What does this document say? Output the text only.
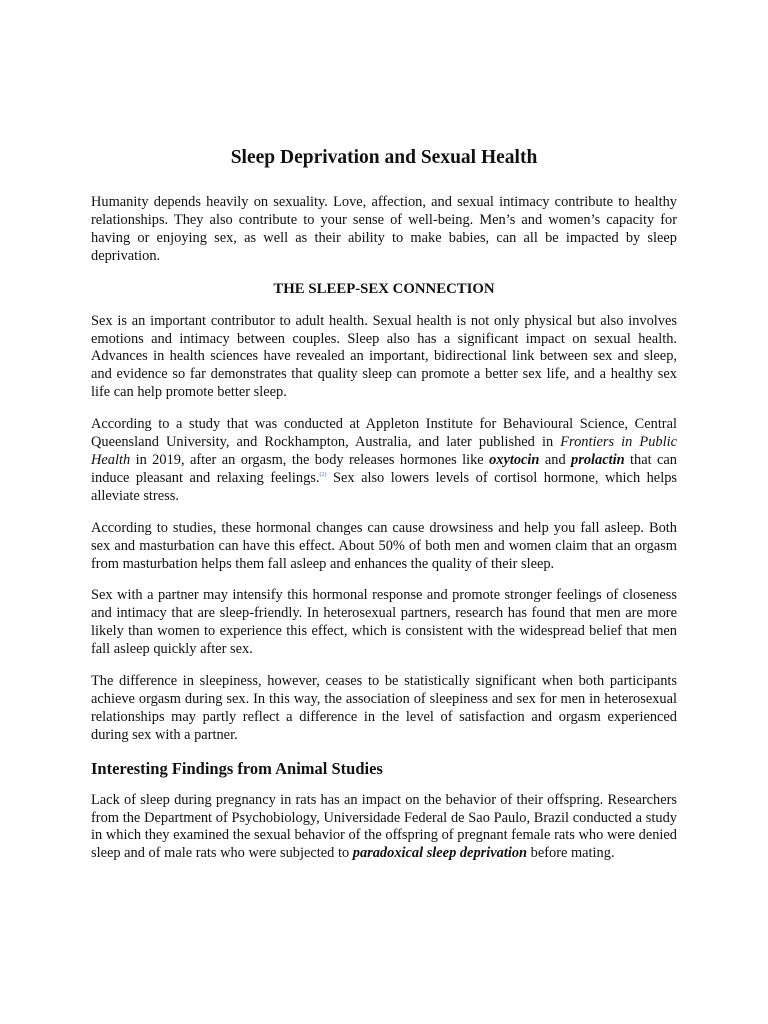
Sleep Deprivation and Sexual Health

Humanity depends heavily on sexuality. Love, affection, and sexual intimacy contribute to healthy relationships. They also contribute to your sense of well-being. Men’s and women’s capacity for having or enjoying sex, as well as their ability to make babies, can all be impacted by sleep deprivation.

THE SLEEP-SEX CONNECTION

Sex is an important contributor to adult health. Sexual health is not only physical but also involves emotions and intimacy between couples. Sleep also has a significant impact on sexual health. Advances in health sciences have revealed an important, bidirectional link between sex and sleep, and evidence so far demonstrates that quality sleep can promote a better sex life, and a healthy sex life can help promote better sleep.

According to a study that was conducted at Appleton Institute for Behavioural Science, Central Queensland University, and Rockhampton, Australia, and later published in Frontiers in Public Health in 2019, after an orgasm, the body releases hormones like oxytocin and prolactin that can induce pleasant and relaxing feelings.$^{(2)}$ Sex also lowers levels of cortisol hormone, which helps alleviate stress.

According to studies, these hormonal changes can cause drowsiness and help you fall asleep. Both sex and masturbation can have this effect. About 50% of both men and women claim that an orgasm from masturbation helps them fall asleep and enhances the quality of their sleep.

Sex with a partner may intensify this hormonal response and promote stronger feelings of closeness and intimacy that are sleep-friendly. In heterosexual partners, research has found that men are more likely than women to experience this effect, which is consistent with the widespread belief that men fall asleep quickly after sex.

The difference in sleepiness, however, ceases to be statistically significant when both participants achieve orgasm during sex. In this way, the association of sleepiness and sex for men in heterosexual relationships may partly reflect a difference in the level of satisfaction and orgasm experienced during sex with a partner.

Interesting Findings from Animal Studies

Lack of sleep during pregnancy in rats has an impact on the behavior of their offspring. Researchers from the Department of Psychobiology, Universidade Federal de Sao Paulo, Brazil conducted a study in which they examined the sexual behavior of the offspring of pregnant female rats who were denied sleep and of male rats who were subjected to paradoxical sleep deprivation before mating.
